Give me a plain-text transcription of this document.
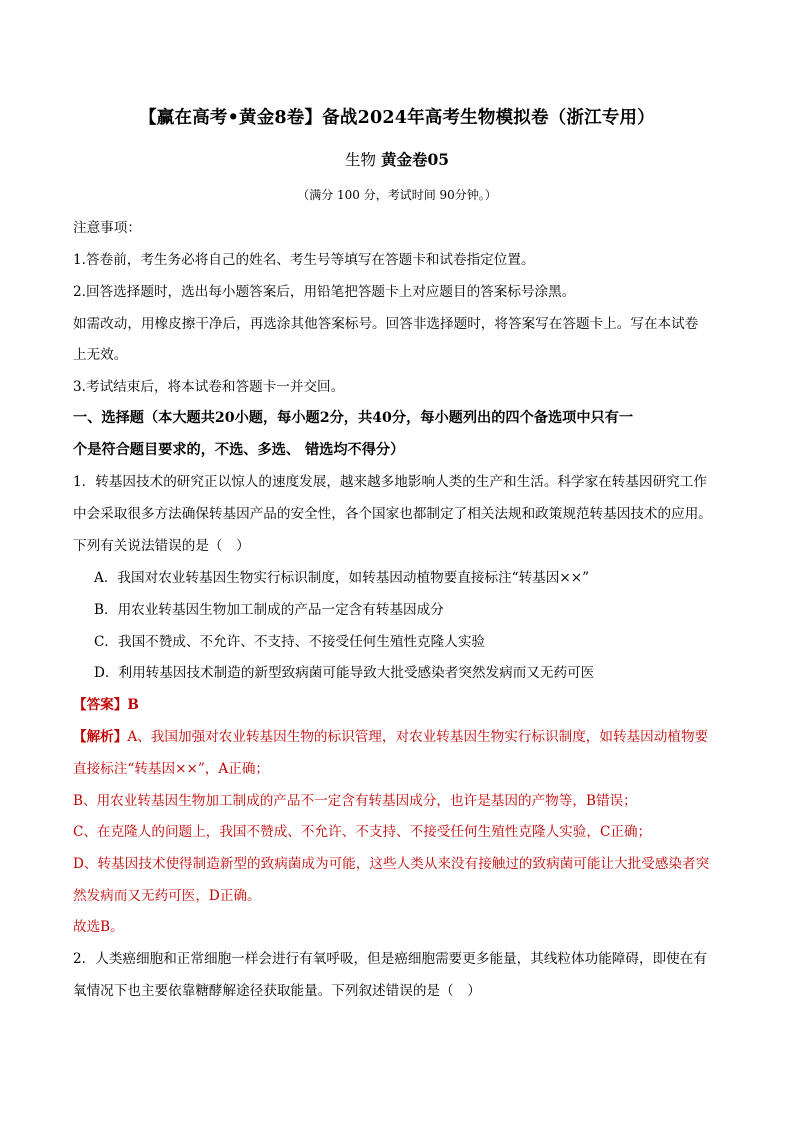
【赢在高考•黄金8卷】备战2024年高考生物模拟卷（浙江专用）
生物 黄金卷05
（满分 100 分，考试时间 90分钟。）
注意事项：
1.答卷前，考生务必将自己的姓名、考生号等填写在答题卡和试卷指定位置。
2.回答选择题时，选出每小题答案后，用铅笔把答题卡上对应题目的答案标号涂黑。
如需改动，用橡皮擦干净后，再选涂其他答案标号。回答非选择题时，将答案写在答题卡上。写在本试卷
上无效。
3.考试结束后，将本试卷和答题卡一并交回。
一、选择题（本大题共20小题，每小题2分，共40分，每小题列出的四个备选项中只有一
个是符合题目要求的，不选、多选、 错选均不得分）
1．转基因技术的研究正以惊人的速度发展，越来越多地影响人类的生产和生活。科学家在转基因研究工作
中会采取很多方法确保转基因产品的安全性，各个国家也都制定了相关法规和政策规范转基因技术的应用。
下列有关说法错误的是（　）
A．我国对农业转基因生物实行标识制度，如转基因动植物要直接标注“转基因××”
B．用农业转基因生物加工制成的产品一定含有转基因成分
C．我国不赞成、不允许、不支持、不接受任何生殖性克隆人实验
D．利用转基因技术制造的新型致病菌可能导致大批受感染者突然发病而又无药可医
【答案】B
【解析】A、我国加强对农业转基因生物的标识管理，对农业转基因生物实行标识制度，如转基因动植物要
直接标注“转基因××”，A正确；
B、用农业转基因生物加工制成的产品不一定含有转基因成分，也许是基因的产物等，B错误；
C、在克隆人的问题上，我国不赞成、不允许、不支持、不接受任何生殖性克隆人实验，C正确；
D、转基因技术使得制造新型的致病菌成为可能，这些人类从来没有接触过的致病菌可能让大批受感染者突
然发病而又无药可医，D正确。
故选B。
2．人类癌细胞和正常细胞一样会进行有氧呼吸，但是癌细胞需要更多能量，其线粒体功能障碍，即使在有
氧情况下也主要依靠糖酵解途径获取能量。下列叙述错误的是（　）
